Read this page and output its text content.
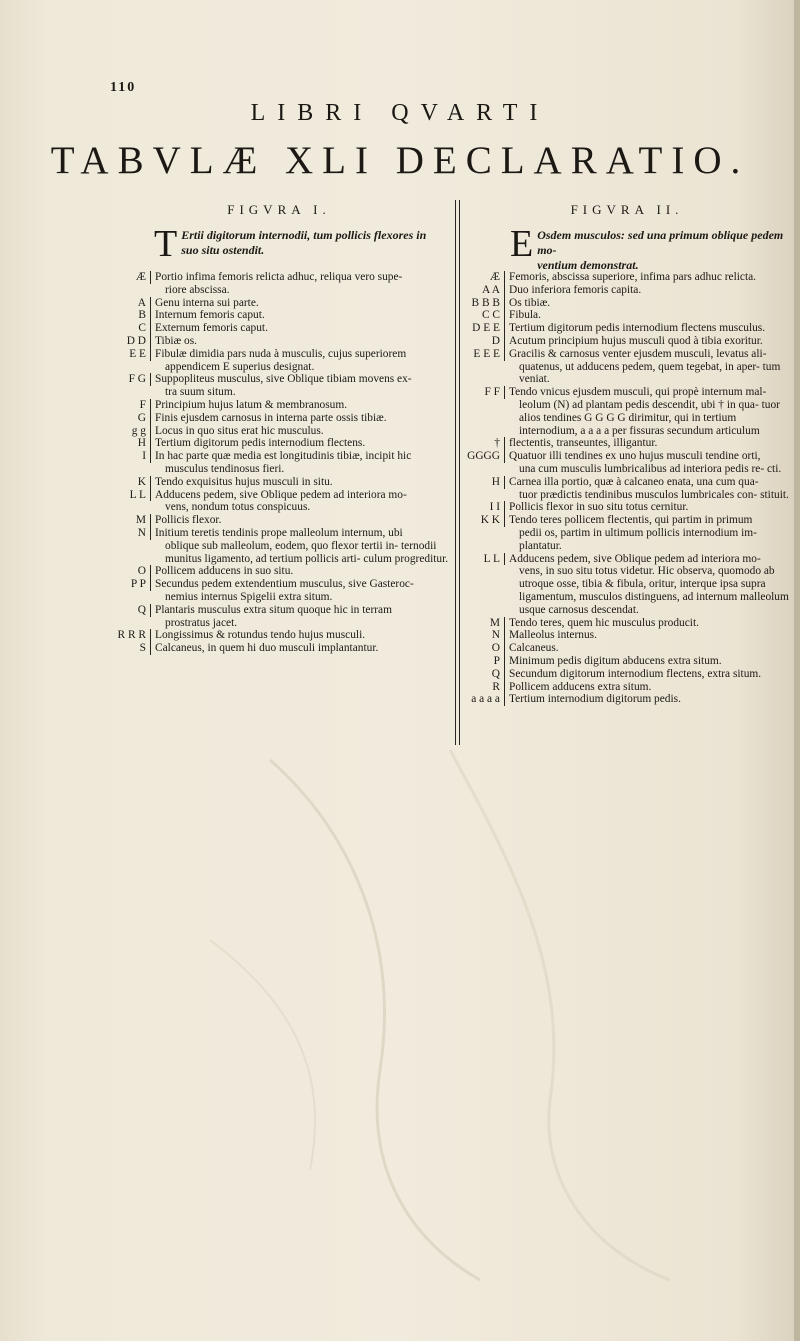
110
LIBRI QVARTI
TABVLÆ XLI DECLARATIO.
FIGVRA I.	FIGVRA II.
T Ertii digitorum internodii, tum pollicis flexores in
suo situ ostendit.	E Osdem musculos: sed una primum oblique pedem mo-
ventium demonstrat.
Æ Portio infima femoris relicta adhuc, reliqua vero supe-
riore abscissa.
A Genu interna sui parte.
B Internum femoris caput.
C Externum femoris caput.
D D Tibiæ os.
E E Fibulæ dimidia pars nuda à musculis, cujus superiorem
appendicem E superius designat.
F G Suppopliteus musculus, sive Oblique tibiam movens ex-
tra suum situm.
F Principium hujus latum & membranosum.
G Finis ejusdem carnosus in interna parte ossis tibiæ.
g g Locus in quo situs erat hic musculus.
H Tertium digitorum pedis internodium flectens.
I In hac parte quæ media est longitudinis tibiæ, incipit hic
musculus tendinosus fieri.
K Tendo exquisitus hujus musculi in situ.
L L Adducens pedem, sive Oblique pedem ad interiora mo-
vens, nondum totus conspicuus.
M Pollicis flexor.
N Initium teretis tendinis prope malleolum internum, ubi
oblique sub malleolum, eodem, quo flexor tertii in- ternodii munitus ligamento, ad tertium pollicis arti- culum progreditur.
O Pollicem adducens in suo situ.
P P Secundus pedem extendentium musculus, sive Gasteroc-
nemius internus Spigelii extra situm.
Q Plantaris musculus extra situm quoque hic in terram
prostratus jacet.
R R R Longissimus & rotundus tendo hujus musculi.
S Calcaneus, in quem hi duo musculi implantantur.
Æ Femoris, abscissa superiore, infima pars adhuc relicta.
A A Duo inferiora femoris capita.
B B B Os tibiæ.
C C Fibula.
D E E Tertium digitorum pedis internodium flectens musculus.
D Acutum principium hujus musculi quod à tibia exoritur.
E E E Gracilis & carnosus venter ejusdem musculi, levatus ali-
quatenus, ut adducens pedem, quem tegebat, in aper- tum veniat.
F F Tendo vnicus ejusdem musculi, qui propè internum mal-
leolum (N) ad plantam pedis descendit, ubi † in qua- tuor alios tendines G G G G dirimitur, qui in tertium internodium, a a a a per fissuras secundum articulum
† flectentis, transeuntes, illigantur.
GGGG Quatuor illi tendines ex uno hujus musculi tendine orti,
una cum musculis lumbricalibus ad interiora pedis re- cti.
H Carnea illa portio, quæ à calcaneo enata, una cum qua-
tuor prædictis tendinibus musculos lumbricales con- stituit.
I I Pollicis flexor in suo situ totus cernitur.
K K Tendo teres pollicem flectentis, qui partim in primum
pedii os, partim in ultimum pollicis internodium im- plantatur.
L L Adducens pedem, sive Oblique pedem ad interiora mo-
vens, in suo situ totus videtur. Hic observa, quomodo ab utroque osse, tibia & fibula, oritur, interque ipsa supra ligamentum, musculos distinguens, ad internum malleolum usque carnosus descendat.
M Tendo teres, quem hic musculus producit.
N Malleolus internus.
O Calcaneus.
P Minimum pedis digitum abducens extra situm.
Q Secundum digitorum internodium flectens, extra situm.
R Pollicem adducens extra situm.
a a a a Tertium internodium digitorum pedis.
